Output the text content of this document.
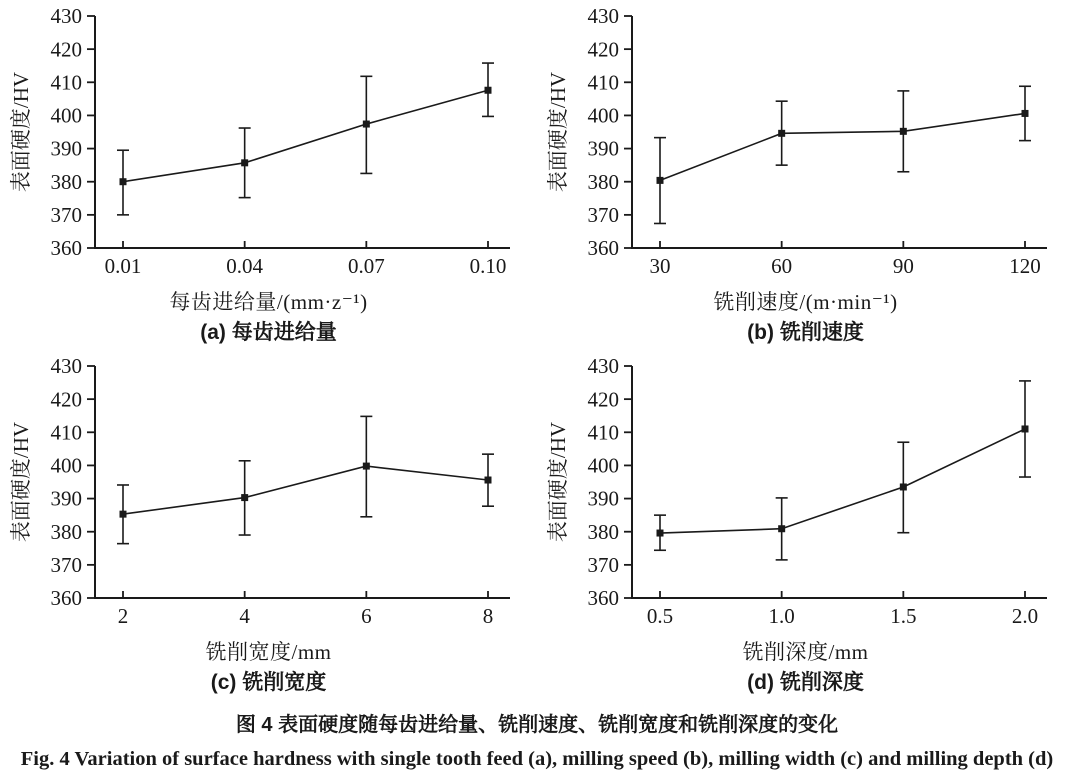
360
370
380
390
400
410
420
430
0.01	0.04	0.07	0.10
表面硬度/HV
每齿进给量/(mm·z⁻¹)
(a) 每齿进给量
360
370
380
390
400
410
420
430
30	60	90	120
表面硬度/HV
铣削速度/(m·min⁻¹)
(b) 铣削速度
360
370
380
390
400
410
420
430
2	4	6	8
表面硬度/HV
铣削宽度/mm
(c) 铣削宽度
360
370
380
390
400
410
420
430
0.5	1.0	1.5	2.0
表面硬度/HV
铣削深度/mm
(d) 铣削深度
图 4 表面硬度随每齿进给量、铣削速度、铣削宽度和铣削深度的变化
Fig. 4 Variation of surface hardness with single tooth feed (a), milling speed (b), milling width (c) and milling depth (d)
